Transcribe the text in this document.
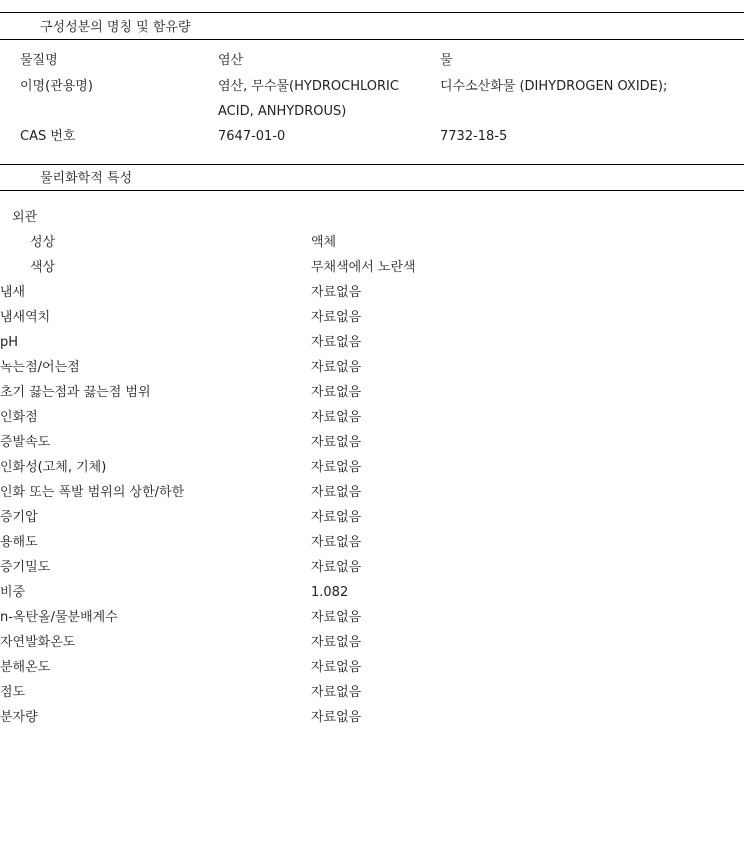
구성성분의 명칭 및 함유량
물질명	염산	물
이명(관용명)	염산, 무수물(HYDROCHLORIC	디수소산화물 (DIHYDROGEN OXIDE);
ACID, ANHYDROUS)
CAS 번호	7647-01-0	7732-18-5
물리화학적 특성
외관
성상	액체
색상	무채색에서 노란색
냄새	자료없음
냄새역치	자료없음
pH	자료없음
녹는점/어는점	자료없음
초기 끓는점과 끓는점 범위	자료없음
인화점	자료없음
증발속도	자료없음
인화성(고체, 기체)	자료없음
인화 또는 폭발 범위의 상한/하한	자료없음
증기압	자료없음
용해도	자료없음
증기밀도	자료없음
비중	1.082
n-옥탄올/물분배계수	자료없음
자연발화온도	자료없음
분해온도	자료없음
점도	자료없음
분자량	자료없음
